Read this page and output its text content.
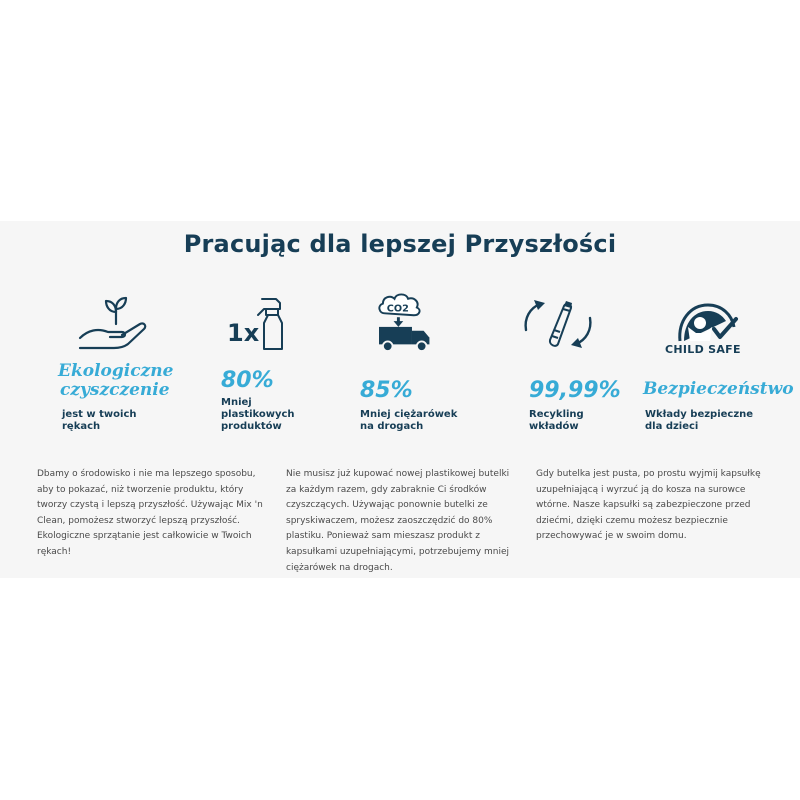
Pracując dla lepszej Przyszłości
Ekologiczne
czyszczenie
jest w twoich
rękach
1x
80%
Mniej
plastikowych
produktów
CO2
85%
Mniej ciężarówek
na drogach
99,99%
Recykling
wkładów
CHILD SAFE
Bezpieczeństwo
Wkłady bezpieczne
dla dzieci
Dbamy o środowisko i nie ma lepszego sposobu, aby to pokazać, niż tworzenie produktu, który tworzy czystą i lepszą przyszłość. Używając Mix 'n Clean, pomożesz stworzyć lepszą przyszłość. Ekologiczne sprzątanie jest całkowicie w Twoich rękach!
Nie musisz już kupować nowej plastikowej butelki za każdym razem, gdy zabraknie Ci środków czyszczących. Używając ponownie butelki ze spryskiwaczem, możesz zaoszczędzić do 80% plastiku. Ponieważ sam mieszasz produkt z kapsułkami uzupełniającymi, potrzebujemy mniej ciężarówek na drogach.
Gdy butelka jest pusta, po prostu wyjmij kapsułkę uzupełniającą i wyrzuć ją do kosza na surowce wtórne. Nasze kapsułki są zabezpieczone przed dziećmi, dzięki czemu możesz bezpiecznie przechowywać je w swoim domu.
